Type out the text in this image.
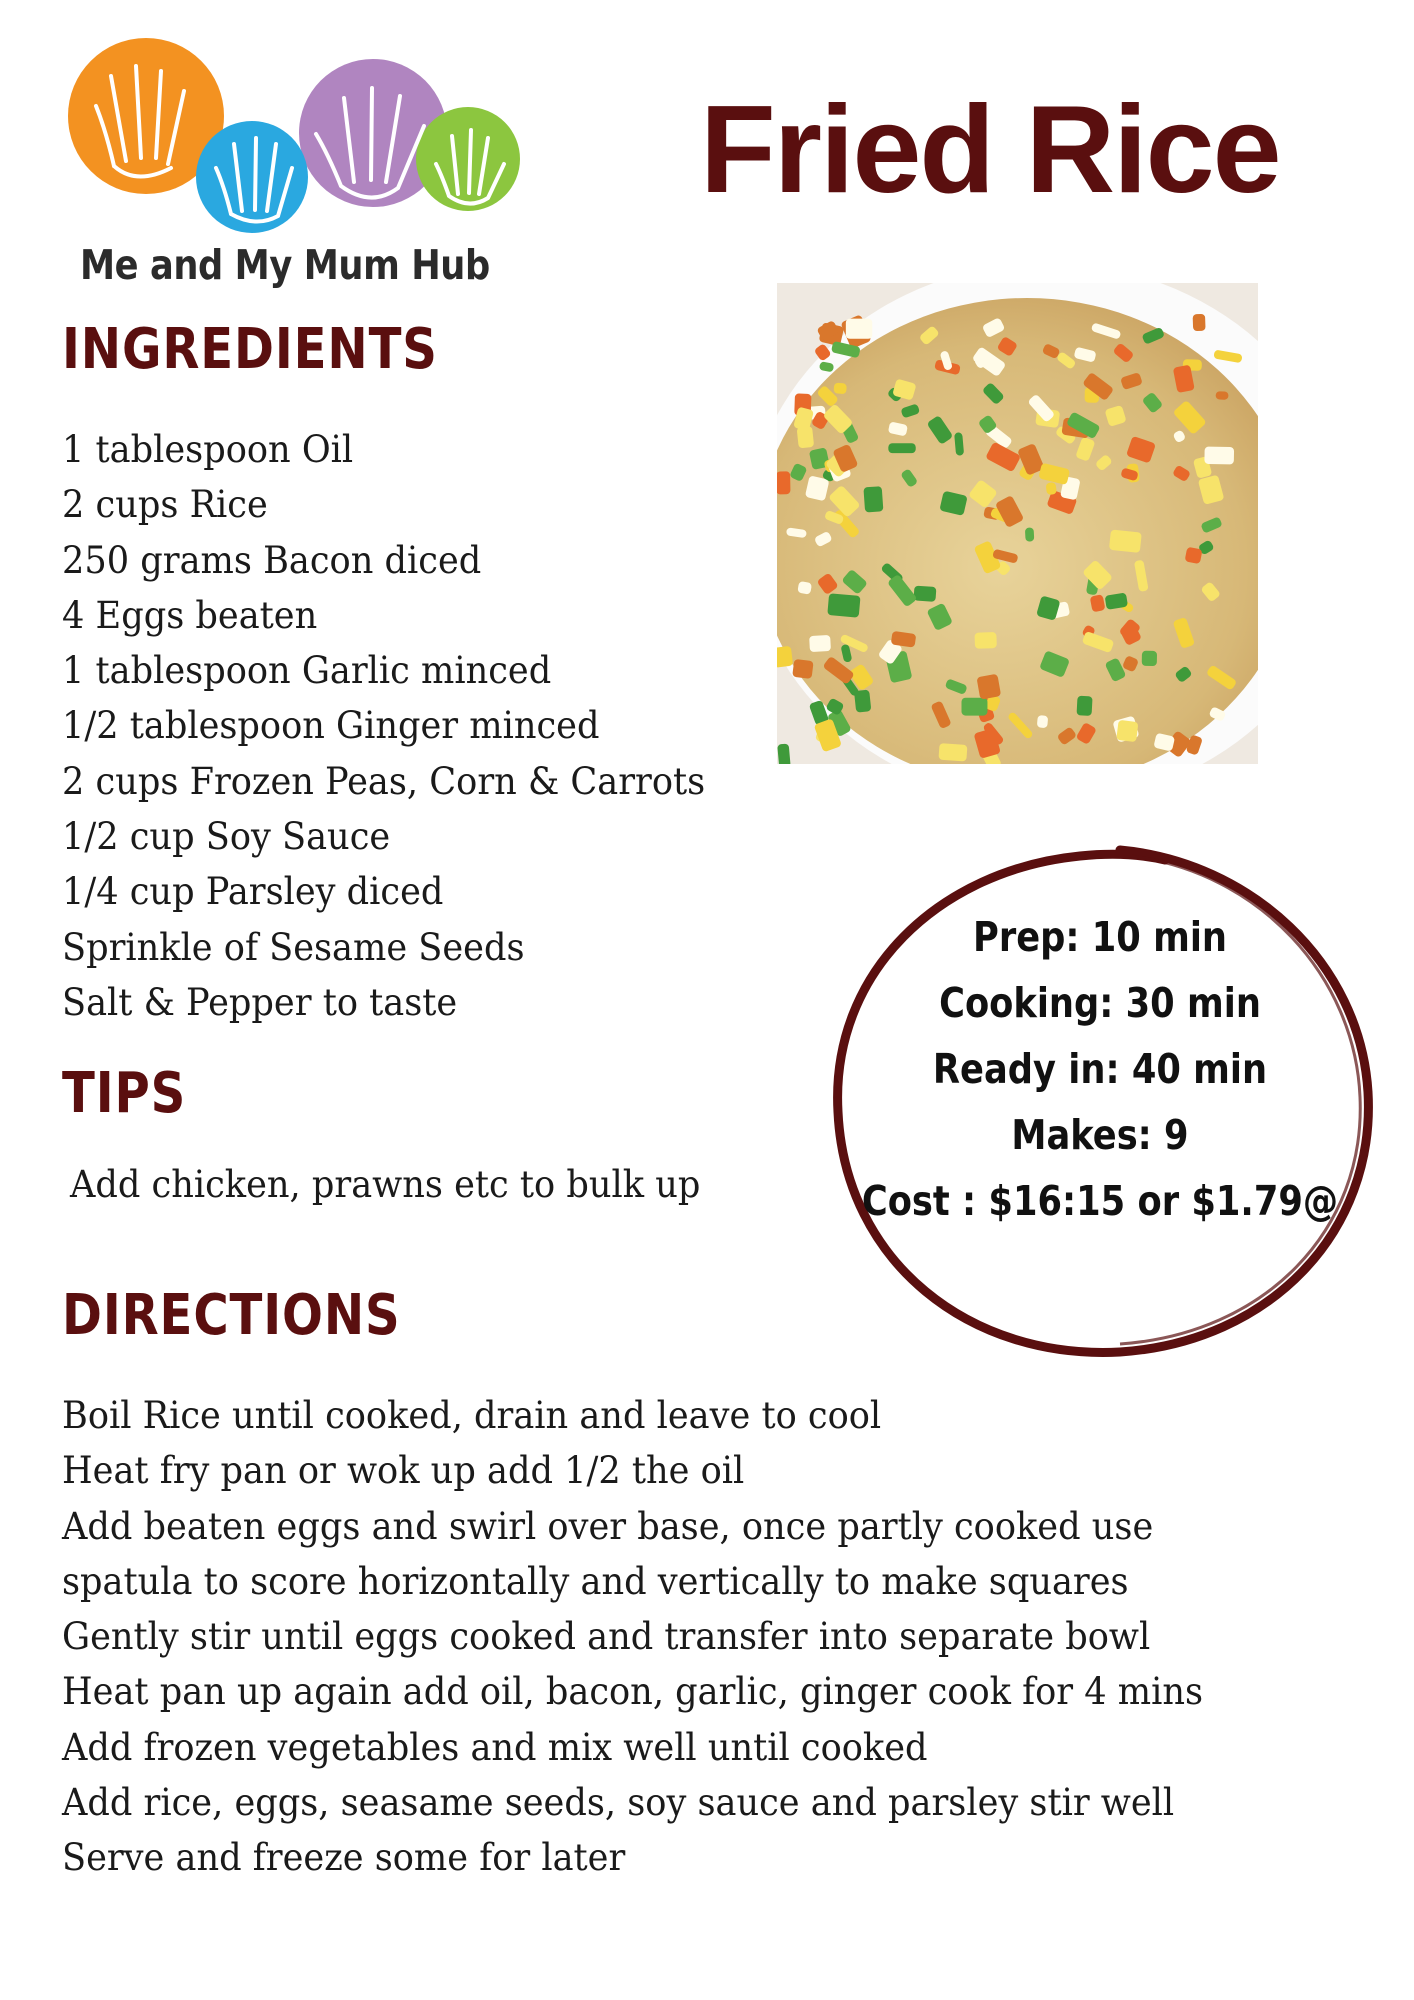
Me and My Mum Hub
Fried Rice
INGREDIENTS
1 tablespoon Oil
2 cups Rice
250 grams Bacon diced
4 Eggs beaten
1 tablespoon Garlic minced
1/2 tablespoon Ginger minced
2 cups Frozen Peas, Corn & Carrots
1/2 cup Soy Sauce
1/4 cup Parsley diced
Sprinkle of Sesame Seeds
Salt & Pepper to taste
Prep: 10 min
Cooking: 30 min
Ready in: 40 min
Makes: 9
Cost : $16:15 or $1.79@
TIPS
Add chicken, prawns etc to bulk up
DIRECTIONS
Boil Rice until cooked, drain and leave to cool
Heat fry pan or wok up add 1/2 the oil
Add beaten eggs and swirl over base, once partly cooked use
spatula to score horizontally and vertically to make squares
Gently stir until eggs cooked and transfer into separate bowl
Heat pan up again add oil, bacon, garlic, ginger cook for 4 mins
Add frozen vegetables and mix well until cooked
Add rice, eggs, seasame seeds, soy sauce and parsley stir well
Serve and freeze some for later
